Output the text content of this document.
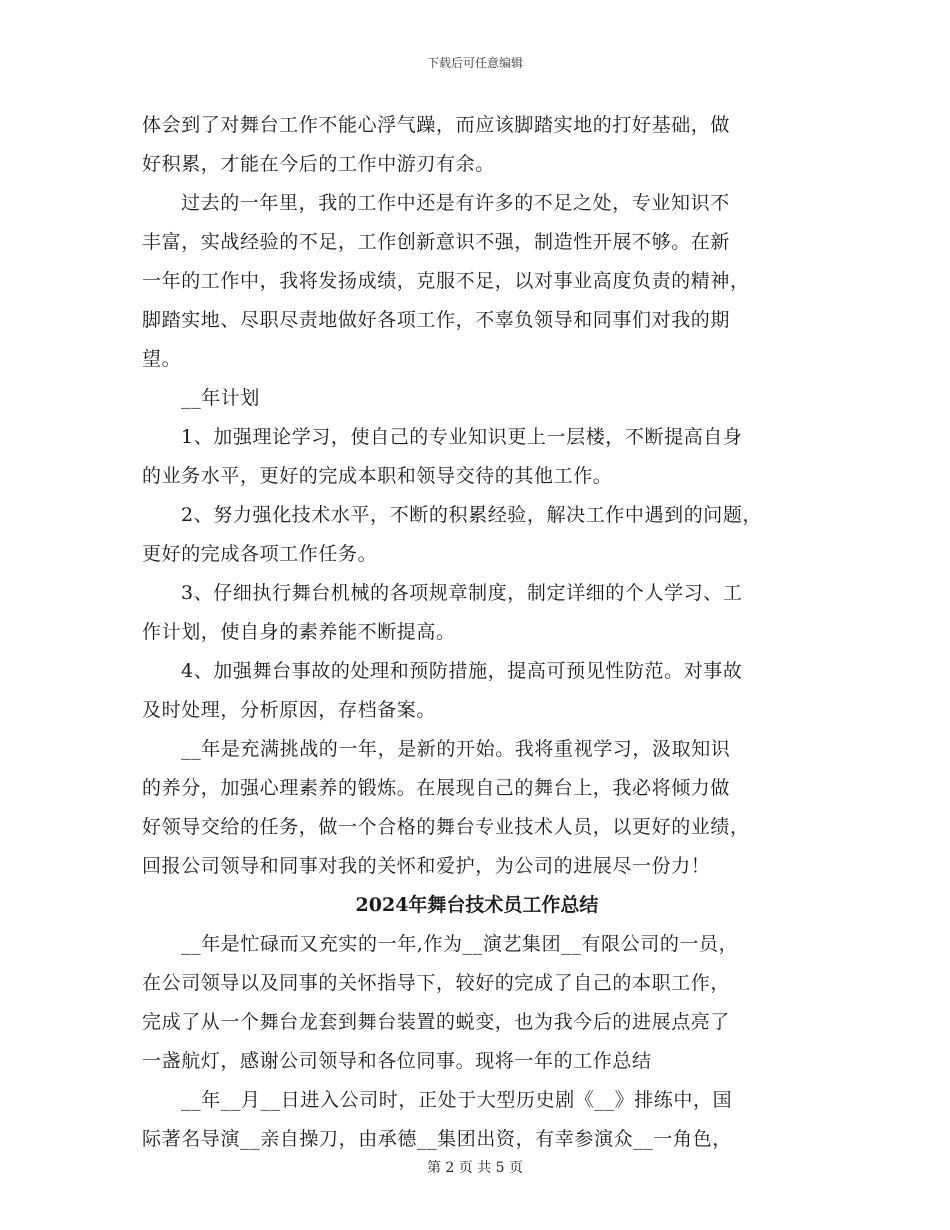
下载后可任意编辑
体会到了对舞台工作不能心浮气躁，而应该脚踏实地的打好基础，做
好积累，才能在今后的工作中游刃有余。
过去的一年里，我的工作中还是有许多的不足之处，专业知识不
丰富，实战经验的不足，工作创新意识不强，制造性开展不够。在新
一年的工作中，我将发扬成绩，克服不足，以对事业高度负责的精神，
脚踏实地、尽职尽责地做好各项工作，不辜负领导和同事们对我的期
望。
__年计划
1、加强理论学习，使自己的专业知识更上一层楼，不断提高自身
的业务水平，更好的完成本职和领导交待的其他工作。
2、努力强化技术水平，不断的积累经验，解决工作中遇到的问题，
更好的完成各项工作任务。
3、仔细执行舞台机械的各项规章制度，制定详细的个人学习、工
作计划，使自身的素养能不断提高。
4、加强舞台事故的处理和预防措施，提高可预见性防范。对事故
及时处理，分析原因，存档备案。
__年是充满挑战的一年，是新的开始。我将重视学习，汲取知识
的养分，加强心理素养的锻炼。在展现自己的舞台上，我必将倾力做
好领导交给的任务，做一个合格的舞台专业技术人员，以更好的业绩，
回报公司领导和同事对我的关怀和爱护，为公司的进展尽一份力！
2024年舞台技术员工作总结
__年是忙碌而又充实的一年,作为__演艺集团__有限公司的一员，
在公司领导以及同事的关怀指导下，较好的完成了自己的本职工作，
完成了从一个舞台龙套到舞台装置的蜕变，也为我今后的进展点亮了
一盏航灯，感谢公司领导和各位同事。现将一年的工作总结
__年__月__日进入公司时，正处于大型历史剧《__》排练中，国
际著名导演__亲自操刀，由承德__集团出资，有幸参演众__一角色，
第 2 页 共 5 页
